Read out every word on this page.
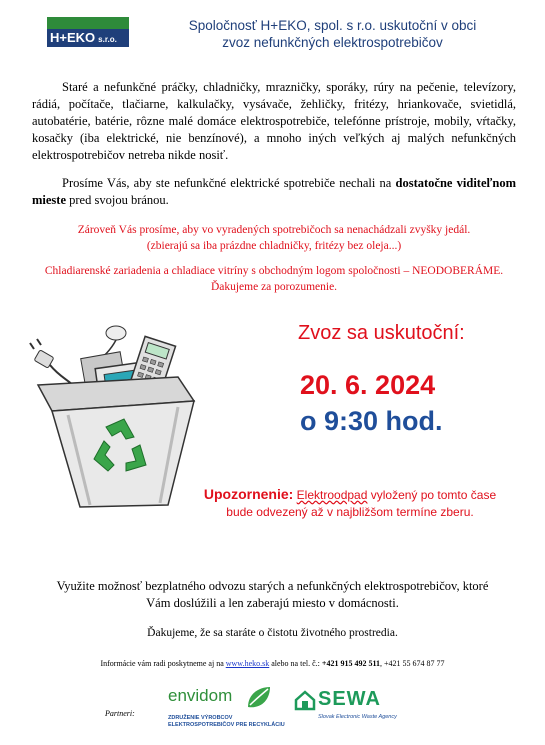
H+EKO s.r.o.
Spoločnosť H+EKO, spol. s r.o. uskutoční v obci
zvoz nefunkčných elektrospotrebičov
Staré a nefunkčné práčky, chladničky, mrazničky, sporáky, rúry na pečenie, televízory, rádiá, počítače, tlačiarne, kalkulačky, vysávače, žehličky, fritézy, hriankovače, svietidlá, autobatérie, batérie, rôzne malé domáce elektrospotrebiče, telefónne prístroje, mobily, vŕtačky, kosačky (iba elektrické, nie benzínové), a mnoho iných veľkých aj malých nefunkčných elektrospotrebičov netreba nikde nosiť.
Prosíme Vás, aby ste nefunkčné elektrické spotrebiče nechali na dostatočne viditeľnom mieste pred svojou bránou.
Zároveň Vás prosíme, aby vo vyradených spotrebičoch sa nenachádzali zvyšky jedál.
(zbierajú sa iba prázdne chladničky, fritézy bez oleja...)
Chladiarenské zariadenia a chladiace vitríny s obchodným logom spoločnosti – NEODOBERÁME.
Ďakujeme za porozumenie.
Zvoz sa uskutoční:
20. 6. 2024
o 9:30 hod.
Upozornenie: Elektroodpad vyložený po tomto čase
bude odvezený až v najbližšom termíne zberu.
Využite možnosť bezplatného odvozu starých a nefunkčných elektrospotrebičov, ktoré
Vám doslúžili a len zaberajú miesto v domácnosti.
Ďakujeme, že sa staráte o čistotu životného prostredia.
Informácie vám radi poskytneme aj na www.heko.sk alebo na tel. č.: +421 915 492 511, +421 55 674 87 77
Partneri:
envidom
ZDRUŽENIE VÝROBCOV
ELEKTROSPOTREBIČOV PRE RECYKLÁCIU
SEWA
Slovak Electronic Waste Agency
